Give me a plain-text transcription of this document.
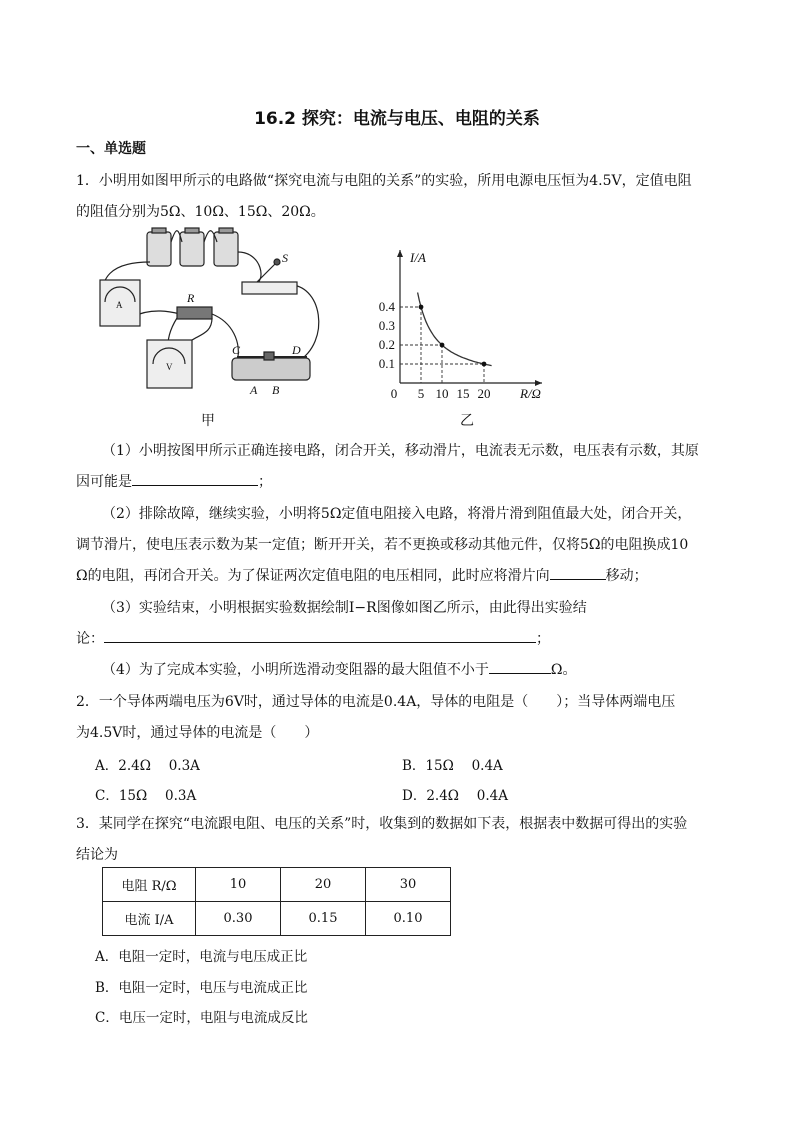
16.2 探究：电流与电压、电阻的关系
一、单选题
1．小明用如图甲所示的电路做“探究电流与电阻的关系”的实验，所用电源电压恒为4.5V，定值电阻
的阻值分别为5Ω、10Ω、15Ω、20Ω。
R
S
C	D
A B
A
V
甲
I/A
R/Ω
0 5 10 15 20
0.1
0.2
0.3
0.4
乙
（1）小明按图甲所示正确连接电路，闭合开关，移动滑片，电流表无示数，电压表有示数，其原
因可能是	；
（2）排除故障，继续实验，小明将5Ω定值电阻接入电路，将滑片滑到阻值最大处，闭合开关，
调节滑片，使电压表示数为某一定值；断开开关，若不更换或移动其他元件，仅将5Ω的电阻换成10
Ω的电阻，再闭合开关。为了保证两次定值电阻的电压相同，此时应将滑片向	移动；
（3）实验结束，小明根据实验数据绘制I−R图像如图乙所示，由此得出实验结
论：	；
（4）为了完成本实验，小明所选滑动变阻器的最大阻值不小于	Ω。
2．一个导体两端电压为6V时，通过导体的电流是0.4A，导体的电阻是（　　）；当导体两端电压
为4.5V时，通过导体的电流是（　　）
A．2.4Ω　 0.3A	B．15Ω　 0.4A
C．15Ω　 0.3A	D．2.4Ω　 0.4A
3．某同学在探究“电流跟电阻、电压的关系”时，收集到的数据如下表，根据表中数据可得出的实验
结论为
电阻 R/Ω	10	20	30
电流 I/A	0.30	0.15	0.10
A．电阻一定时，电流与电压成正比
B．电阻一定时，电压与电流成正比
C．电压一定时，电阻与电流成反比
